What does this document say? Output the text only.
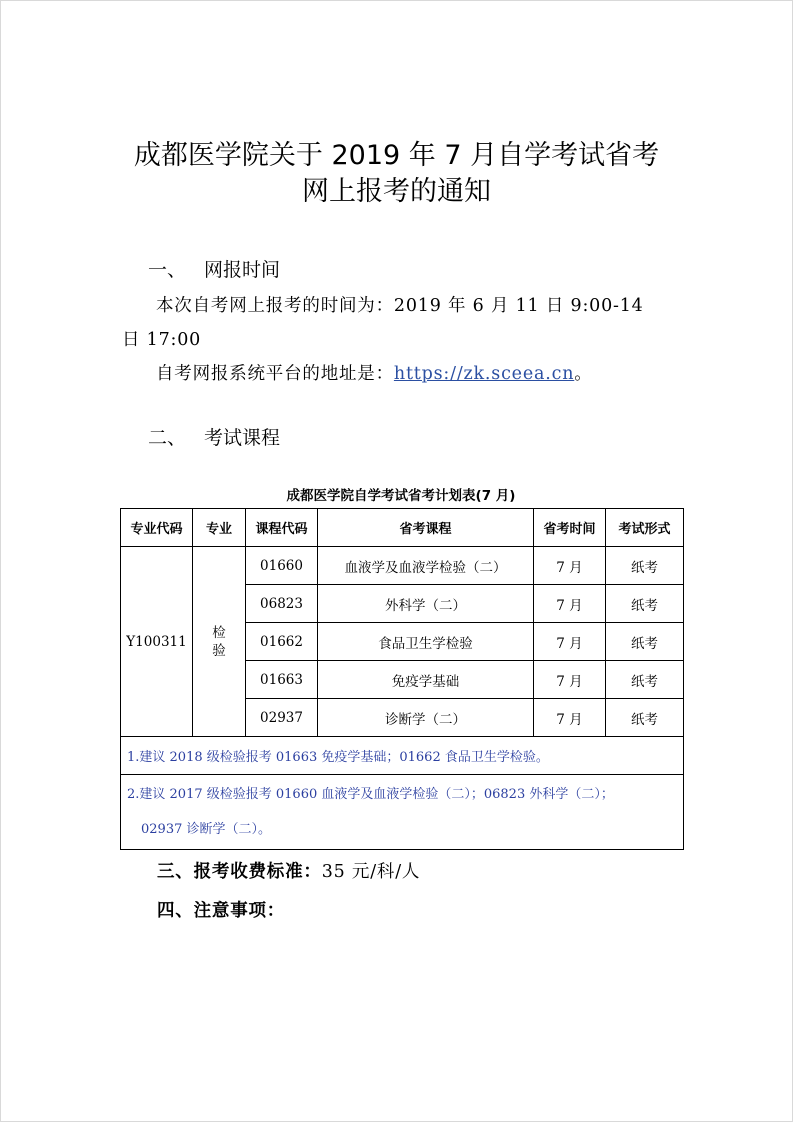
成都医学院关于 2019 年 7 月自学考试省考
网上报考的通知
一、 网报时间
本次自考网上报考的时间为：2019 年 6 月 11 日 9:00-14
日 17:00
自考网报系统平台的地址是：https://zk.sceea.cn。
二、 考试课程
成都医学院自学考试省考计划表(7 月)
专业代码	专业	课程代码	省考课程	省考时间	考试形式
Y100311	检验	01660	血液学及血液学检验（二）	7 月	纸考
		06823	外科学（二）	7 月	纸考
		01662	食品卫生学检验	7 月	纸考
		01663	免疫学基础	7 月	纸考
		02937	诊断学（二）	7 月	纸考
1.建议 2018 级检验报考 01663 免疫学基础；01662 食品卫生学检验。					

2.建议 2017 级检验报考 01660 血液学及血液学检验（二）；06823 外科学（二）；
02937 诊断学（二）。					
三、报考收费标准：35 元/科/人
四、注意事项：
